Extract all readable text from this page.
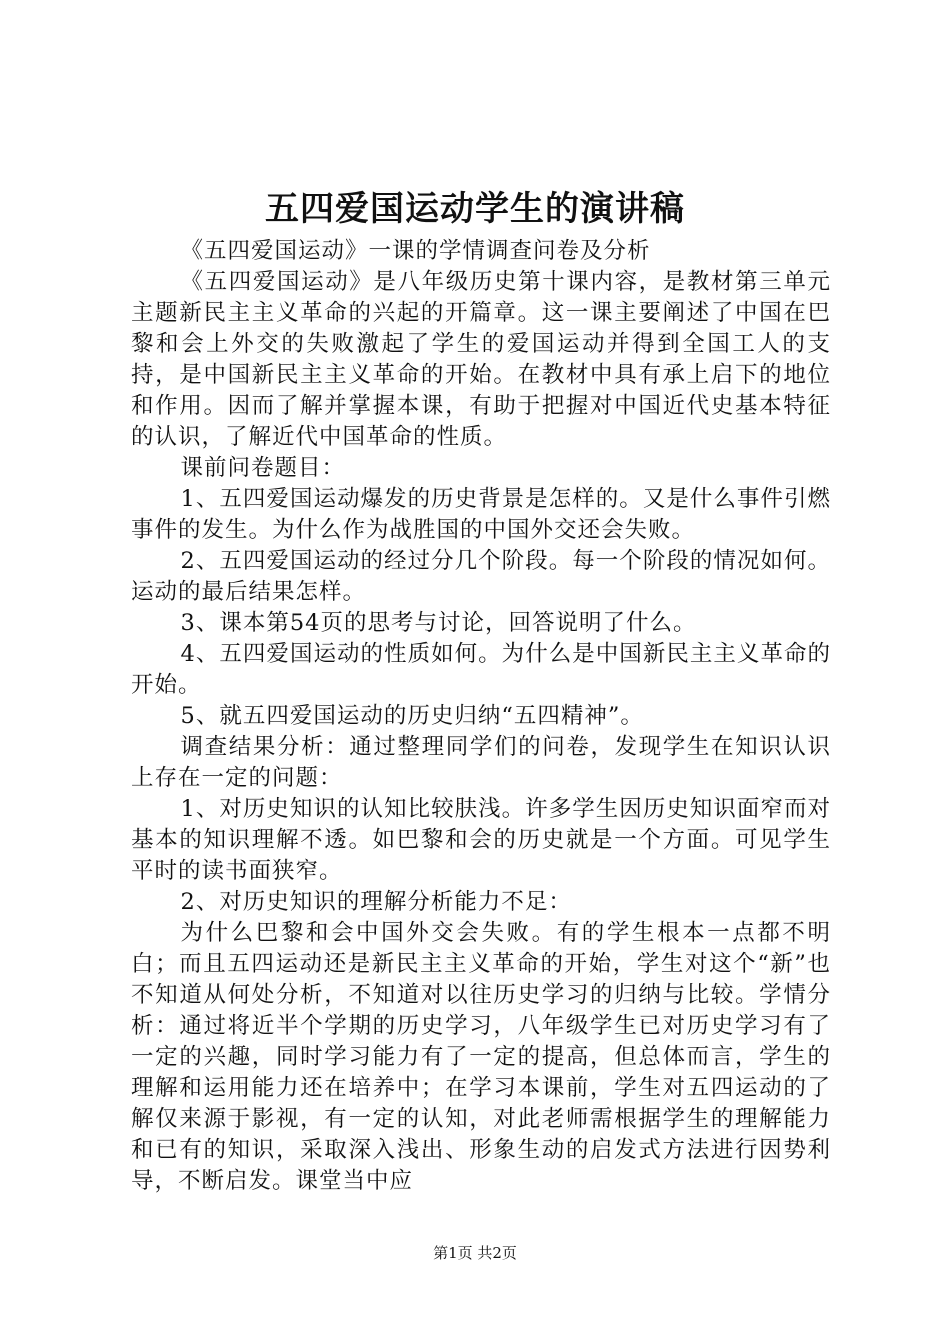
五四爱国运动学生的演讲稿

《五四爱国运动》一课的学情调查问卷及分析

《五四爱国运动》是八年级历史第十课内容，是教材第三单元主题新民主主义革命的兴起的开篇章。这一课主要阐述了中国在巴黎和会上外交的失败激起了学生的爱国运动并得到全国工人的支持，是中国新民主主义革命的开始。在教材中具有承上启下的地位和作用。因而了解并掌握本课，有助于把握对中国近代史基本特征的认识，了解近代中国革命的性质。

课前问卷题目：

1、五四爱国运动爆发的历史背景是怎样的。又是什么事件引燃事件的发生。为什么作为战胜国的中国外交还会失败。

2、五四爱国运动的经过分几个阶段。每一个阶段的情况如何。运动的最后结果怎样。

3、课本第54页的思考与讨论，回答说明了什么。

4、五四爱国运动的性质如何。为什么是中国新民主主义革命的开始。

5、就五四爱国运动的历史归纳“五四精神”。

调查结果分析：通过整理同学们的问卷，发现学生在知识认识上存在一定的问题：

1、对历史知识的认知比较肤浅。许多学生因历史知识面窄而对基本的知识理解不透。如巴黎和会的历史就是一个方面。可见学生平时的读书面狭窄。

2、对历史知识的理解分析能力不足：

为什么巴黎和会中国外交会失败。有的学生根本一点都不明白；而且五四运动还是新民主主义革命的开始，学生对这个“新”也不知道从何处分析，不知道对以往历史学习的归纳与比较。学情分析：通过将近半个学期的历史学习，八年级学生已对历史学习有了一定的兴趣，同时学习能力有了一定的提高，但总体而言，学生的理解和运用能力还在培养中；在学习本课前，学生对五四运动的了解仅来源于影视，有一定的认知，对此老师需根据学生的理解能力和已有的知识，采取深入浅出、形象生动的启发式方法进行因势利导，不断启发。课堂当中应

第1页 共2页
